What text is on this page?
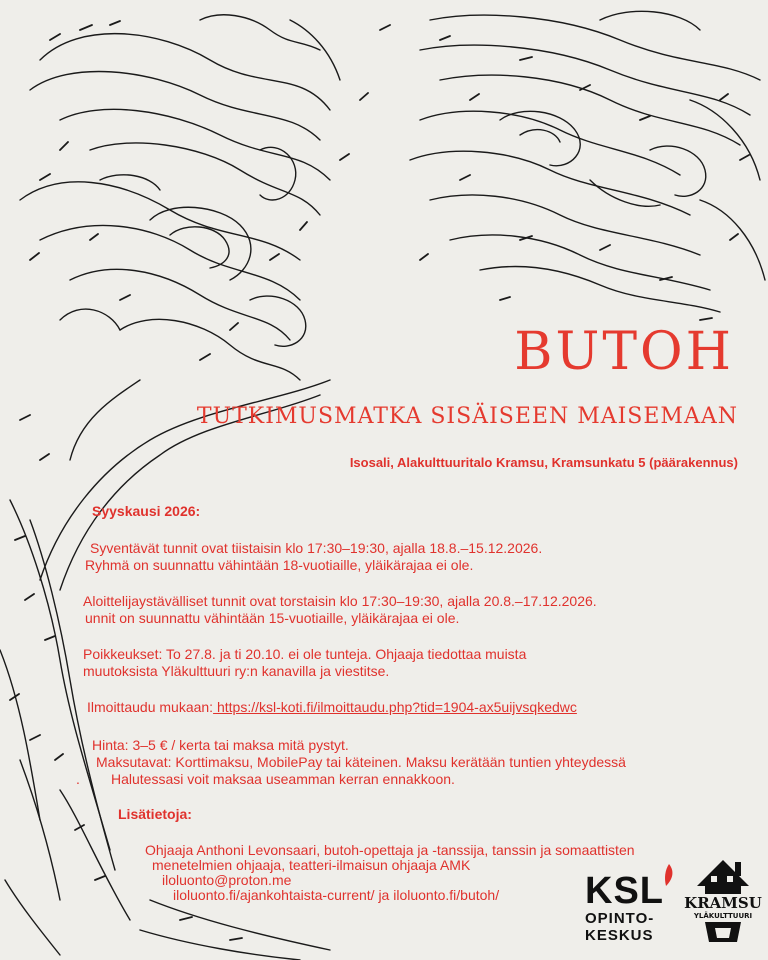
BUTOH
TUTKIMUSMATKA SISÄISEEN MAISEMAAN
Isosali, Alakulttuuritalo Kramsu, Kramsunkatu 5 (päärakennus)
Syyskausi 2026:
Syventävät tunnit ovat tiistaisin klo 17:30–19:30, ajalla 18.8.–15.12.2026.
Ryhmä on suunnattu vähintään 18-vuotiaille, yläikärajaa ei ole.
Aloittelijaystävälliset tunnit ovat torstaisin klo 17:30–19:30, ajalla 20.8.–17.12.2026.
unnit on suunnattu vähintään 15-vuotiaille, yläikärajaa ei ole.
Poikkeukset: To 27.8. ja ti 20.10. ei ole tunteja. Ohjaaja tiedottaa muista
muutoksista Yläkulttuuri ry:n kanavilla ja viestitse.
Ilmoittaudu mukaan: https://ksl-koti.fi/ilmoittaudu.php?tid=1904-ax5uijvsqkedwc
Hinta: 3–5 € / kerta tai maksa mitä pystyt.
Maksutavat: Korttimaksu, MobilePay tai käteinen. Maksu kerätään tuntien yhteydessä
. Halutessasi voit maksaa useamman kerran ennakkoon.
Lisätietoja:
Ohjaaja Anthoni Levonsaari, butoh-opettaja ja -tanssija, tanssin ja somaattisten
menetelmien ohjaaja, teatteri-ilmaisun ohjaaja AMK
iloluonto@proton.me
iloluonto.fi/ajankohtaista-current/ ja iloluonto.fi/butoh/ KSL
OPINTO-
KESKUS
KRAMSU
YLÄKULTTUURI
